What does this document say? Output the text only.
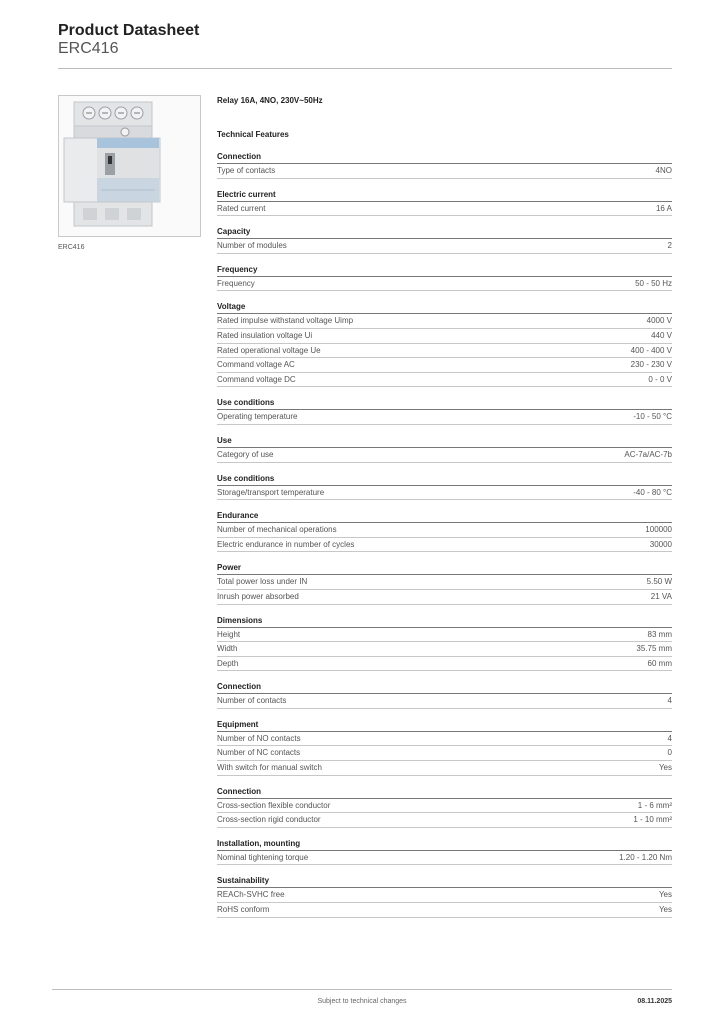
Product Datasheet
ERC416
ERC416
Relay 16A, 4NO, 230V~50Hz
Technical Features
Connection
Type of contacts	4NO
Electric current
Rated current	16 A
Capacity
Number of modules	2
Frequency
Frequency	50 - 50 Hz
Voltage
Rated impulse withstand voltage Uimp	4000 V
Rated insulation voltage Ui	440 V
Rated operational voltage Ue	400 - 400 V
Command voltage AC	230 - 230 V
Command voltage DC	0 - 0 V
Use conditions
Operating temperature	-10 - 50 °C
Use
Category of use	AC-7a/AC-7b
Use conditions
Storage/transport temperature	-40 - 80 °C
Endurance
Number of mechanical operations	100000
Electric endurance in number of cycles	30000
Power
Total power loss under IN	5.50 W
Inrush power absorbed	21 VA
Dimensions
Height	83 mm
Width	35.75 mm
Depth	60 mm
Connection
Number of contacts	4
Equipment
Number of NO contacts	4
Number of NC contacts	0
With switch for manual switch	Yes
Connection
Cross-section flexible conductor	1 - 6 mm²
Cross-section rigid conductor	1 - 10 mm²
Installation, mounting
Nominal tightening torque	1.20 - 1.20 Nm
Sustainability
REACh-SVHC free	Yes
RoHS conform	Yes
Subject to technical changes	08.11.2025
